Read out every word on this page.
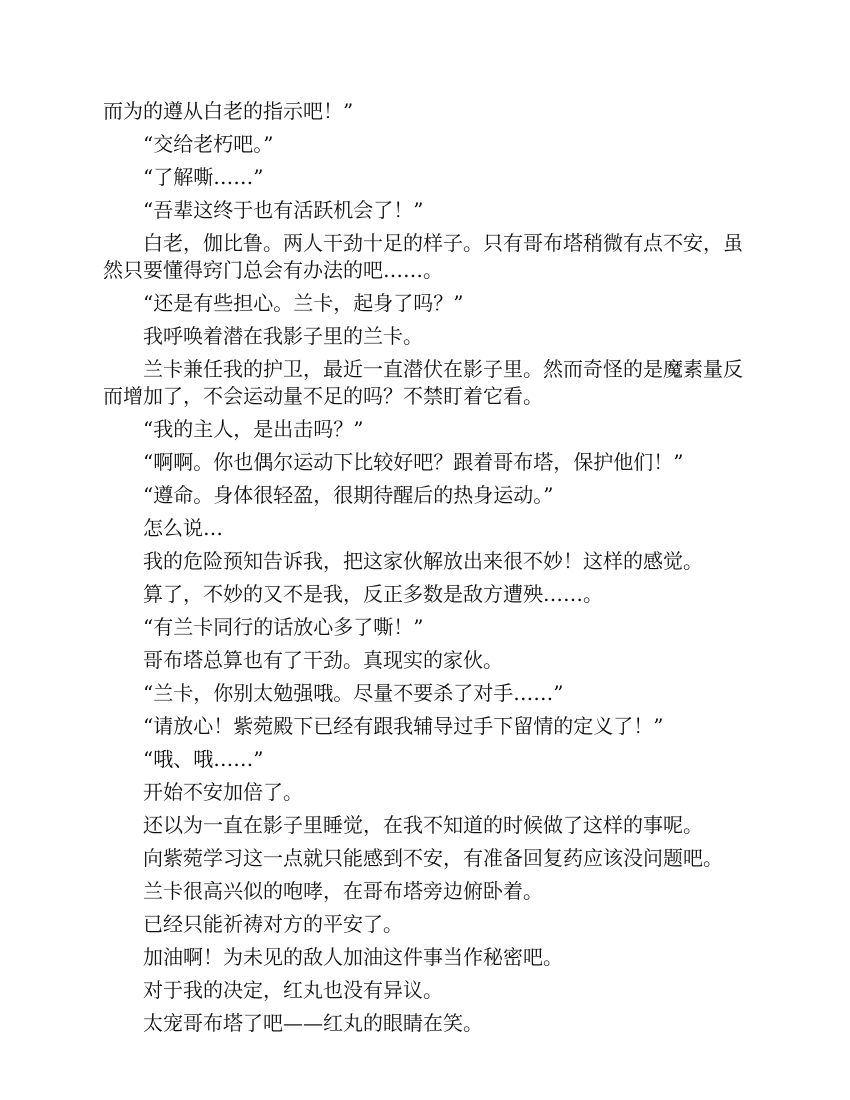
而为的遵从白老的指示吧！”

“交给老朽吧。”

“了解嘶……”

“吾辈这终于也有活跃机会了！”

白老，伽比鲁。两人干劲十足的样子。只有哥布塔稍微有点不安，虽然只要懂得窍门总会有办法的吧……。

“还是有些担心。兰卡，起身了吗？”

我呼唤着潜在我影子里的兰卡。

兰卡兼任我的护卫，最近一直潜伏在影子里。然而奇怪的是魔素量反而增加了，不会运动量不足的吗？不禁盯着它看。

“我的主人，是出击吗？”

“啊啊。你也偶尔运动下比较好吧？跟着哥布塔，保护他们！”

“遵命。身体很轻盈，很期待醒后的热身运动。”

怎么说…

我的危险预知告诉我，把这家伙解放出来很不妙！这样的感觉。

算了，不妙的又不是我，反正多数是敌方遭殃……。

“有兰卡同行的话放心多了嘶！”

哥布塔总算也有了干劲。真现实的家伙。

“兰卡，你别太勉强哦。尽量不要杀了对手……”

“请放心！紫菀殿下已经有跟我辅导过手下留情的定义了！”

“哦、哦……”

开始不安加倍了。

还以为一直在影子里睡觉，在我不知道的时候做了这样的事呢。

向紫菀学习这一点就只能感到不安，有准备回复药应该没问题吧。

兰卡很高兴似的咆哮，在哥布塔旁边俯卧着。

已经只能祈祷对方的平安了。

加油啊！为未见的敌人加油这件事当作秘密吧。

对于我的决定，红丸也没有异议。

太宠哥布塔了吧——红丸的眼睛在笑。
